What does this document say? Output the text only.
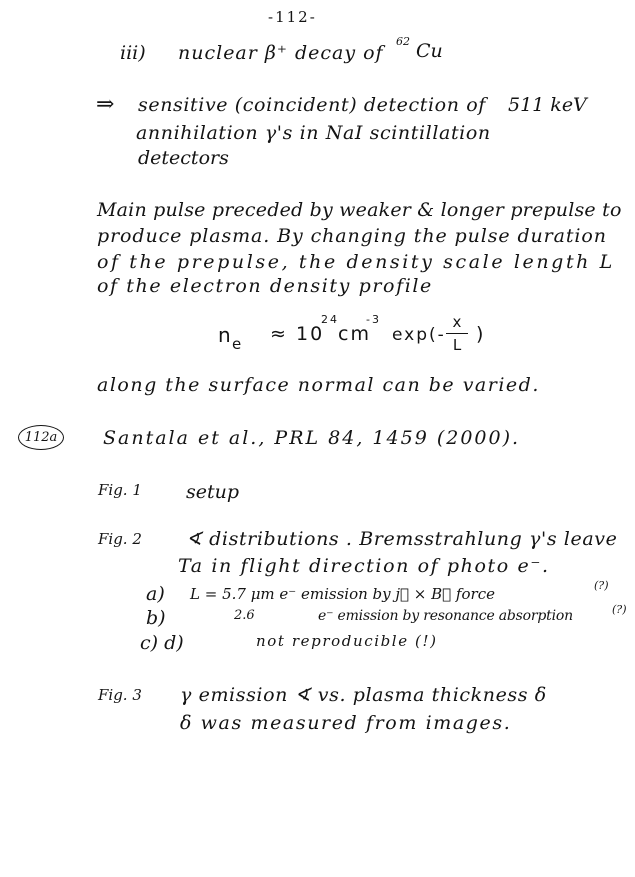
-112-
iii) nuclear β⁺ decay of
62 Cu
⇒ sensitive (coincident) detection of 511 keV
annihilation γ's in NaI scintillation
detectors
Main pulse preceded by weaker & longer prepulse to
produce plasma. By changing the pulse duration
of the prepulse, the density scale length L
of the electron density profile
n e ≈ 10
24
cm
-3
exp(-
x
L
)
along the surface normal can be varied.
112a Santala et al., PRL 84, 1459 (2000).
Fig. 1 setup
Fig. 2 ∢ distributions . Bremsstrahlung γ's leave
Ta in flight direction of photo e⁻.
a) L = 5.7 μm e⁻ emission by j⃗ × B⃗ force	(?)
b)	2.6	e⁻ emission by resonance absorption	(?)
c) d)	not reproducible (!)
Fig. 3 γ emission ∢ vs. plasma thickness δ
δ was measured from images.
